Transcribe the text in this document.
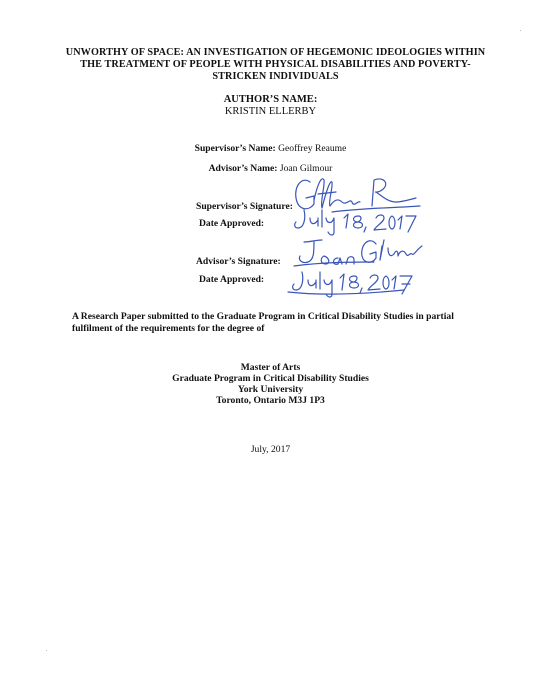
UNWORTHY OF SPACE: AN INVESTIGATION OF HEGEMONIC IDEOLOGIES WITHIN THE TREATMENT OF PEOPLE WITH PHYSICAL DISABILITIES AND POVERTY-STRICKEN INDIVIDUALS
AUTHOR’S NAME:
KRISTIN ELLERBY
Supervisor’s Name: Geoffrey Reaume
Advisor’s Name: Joan Gilmour
Supervisor’s Signature:
Date Approved:
Advisor’s Signature:
Date Approved:
A Research Paper submitted to the Graduate Program in Critical Disability Studies in partial fulfilment of the requirements for the degree of
Master of Arts
Graduate Program in Critical Disability Studies
York University
Toronto, Ontario M3J 1P3
July, 2017
